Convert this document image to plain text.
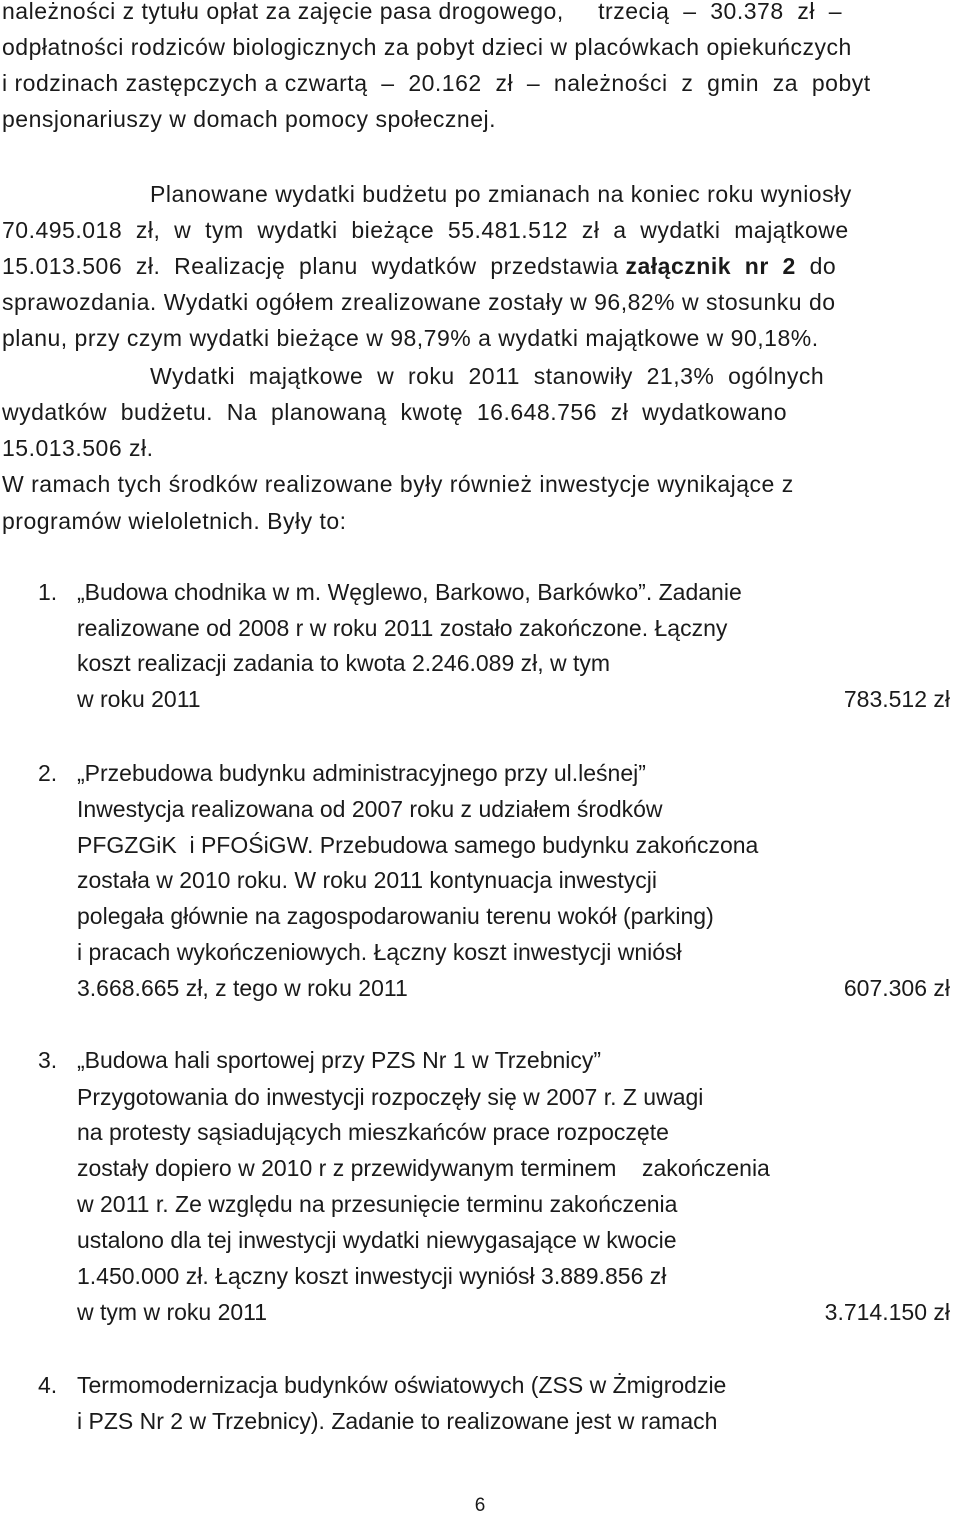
należności z tytułu opłat za zajęcie pasa drogowego,     trzecią  –  30.378  zł  –
odpłatności rodziców biologicznych za pobyt dzieci w placówkach opiekuńczych
i rodzinach zastępczych a czwartą  –  20.162  zł  –  należności  z  gmin  za  pobyt
pensjonariuszy w domach pomocy społecznej.
Planowane wydatki budżetu po zmianach na koniec roku wyniosły
70.495.018  zł,  w  tym  wydatki  bieżące  55.481.512  zł  a  wydatki  majątkowe
15.013.506  zł.  Realizację  planu  wydatków  przedstawia załącznik  nr  2  do
sprawozdania. Wydatki ogółem zrealizowane zostały w 96,82% w stosunku do
planu, przy czym wydatki bieżące w 98,79% a wydatki majątkowe w 90,18%.
Wydatki  majątkowe  w  roku  2011  stanowiły  21,3%  ogólnych
wydatków  budżetu.  Na  planowaną  kwotę  16.648.756  zł  wydatkowano
15.013.506 zł.
W ramach tych środków realizowane były również inwestycje wynikające z
programów wieloletnich. Były to:
1. „Budowa chodnika w m. Węglewo, Barkowo, Barkówko”. Zadanie
realizowane od 2008 r w roku 2011 zostało zakończone. Łączny
koszt realizacji zadania to kwota 2.246.089 zł, w tym
w roku 2011	783.512 zł
2. „Przebudowa budynku administracyjnego przy ul.leśnej”
Inwestycja realizowana od 2007 roku z udziałem środków
PFGZGiK  i PFOŚiGW. Przebudowa samego budynku zakończona
została w 2010 roku. W roku 2011 kontynuacja inwestycji
polegała głównie na zagospodarowaniu terenu wokół (parking)
i pracach wykończeniowych. Łączny koszt inwestycji wniósł
3.668.665 zł, z tego w roku 2011	607.306 zł
3. „Budowa hali sportowej przy PZS Nr 1 w Trzebnicy”
Przygotowania do inwestycji rozpoczęły się w 2007 r. Z uwagi
na protesty sąsiadujących mieszkańców prace rozpoczęte
zostały dopiero w 2010 r z przewidywanym terminem    zakończenia
w 2011 r. Ze względu na przesunięcie terminu zakończenia
ustalono dla tej inwestycji wydatki niewygasające w kwocie
1.450.000 zł. Łączny koszt inwestycji wyniósł 3.889.856 zł
w tym w roku 2011	3.714.150 zł
4. Termomodernizacja budynków oświatowych (ZSS w Żmigrodzie
i PZS Nr 2 w Trzebnicy). Zadanie to realizowane jest w ramach
6
